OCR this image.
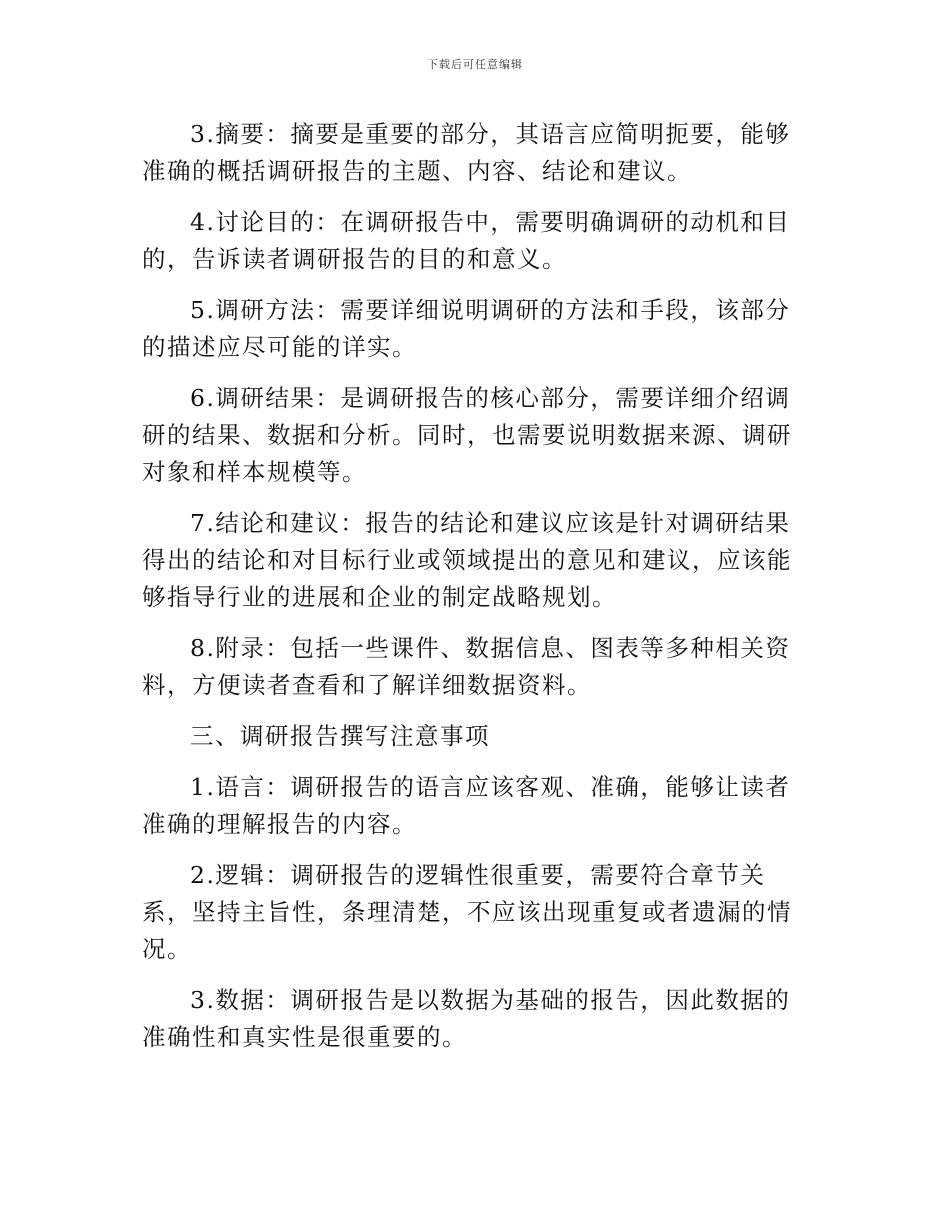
下载后可任意编辑

3.摘要：摘要是重要的部分，其语言应简明扼要，能够准确的概括调研报告的主题、内容、结论和建议。

4.讨论目的：在调研报告中，需要明确调研的动机和目的，告诉读者调研报告的目的和意义。

5.调研方法：需要详细说明调研的方法和手段，该部分的描述应尽可能的详实。

6.调研结果：是调研报告的核心部分，需要详细介绍调研的结果、数据和分析。同时，也需要说明数据来源、调研对象和样本规模等。

7.结论和建议：报告的结论和建议应该是针对调研结果得出的结论和对目标行业或领域提出的意见和建议，应该能够指导行业的进展和企业的制定战略规划。

8.附录：包括一些课件、数据信息、图表等多种相关资料，方便读者查看和了解详细数据资料。

三、调研报告撰写注意事项

1.语言：调研报告的语言应该客观、准确，能够让读者准确的理解报告的内容。

2.逻辑：调研报告的逻辑性很重要，需要符合章节关系，坚持主旨性，条理清楚，不应该出现重复或者遗漏的情况。

3.数据：调研报告是以数据为基础的报告，因此数据的准确性和真实性是很重要的。
